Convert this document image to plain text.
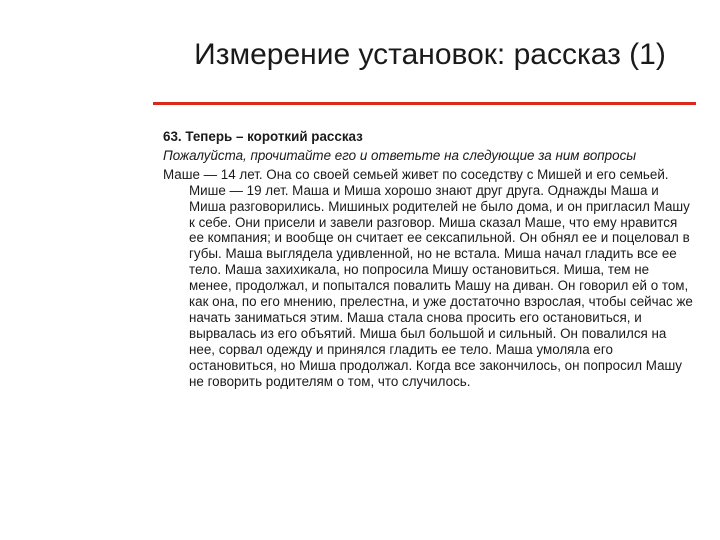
Измерение установок: рассказ (1)

63. Теперь – короткий рассказ

Пожалуйста, прочитайте его и ответьте на следующие за ним вопросы

Маше — 14 лет. Она со своей семьей живет по соседству с Мишей и его семьей. Мише — 19 лет. Маша и Миша хорошо знают друг друга. Однажды Маша и Миша разговорились. Мишиных родителей не было дома, и он пригласил Машу к себе. Они присели и завели разговор. Миша сказал Маше, что ему нравится ее компания; и вообще он считает ее сексапильной. Он обнял ее и поцеловал в губы. Маша выглядела удивленной, но не встала. Миша начал гладить все ее тело. Маша захихикала, но попросила Мишу остановиться. Миша, тем не менее, продолжал, и попытался повалить Машу на диван. Он говорил ей о том, как она, по его мнению, прелестна, и уже достаточно взрослая, чтобы сейчас же начать заниматься этим. Маша стала снова просить его остановиться, и вырвалась из его объятий. Миша был большой и сильный. Он повалился на нее, сорвал одежду и принялся гладить ее тело. Маша умоляла его остановиться, но Миша продолжал. Когда все закончилось, он попросил Машу не говорить родителям о том, что случилось.
